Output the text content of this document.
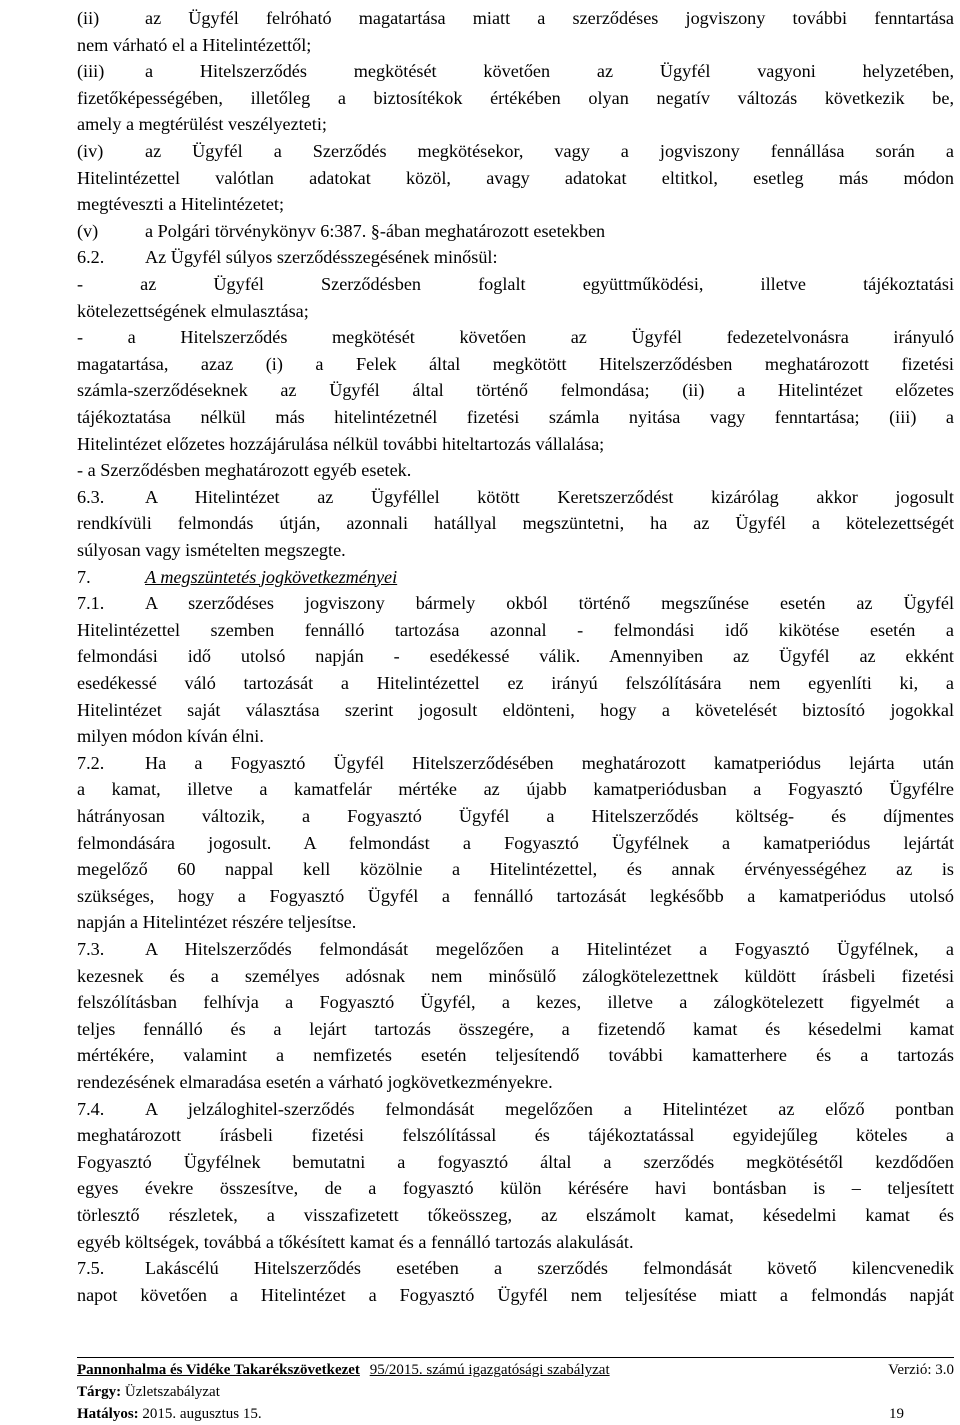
(ii)	az Ügyfél felróható magatartása miatt a szerződéses jogviszony további fenntartása
nem várható el a Hitelintézettől;
(iii) a Hitelszerződés megkötését követően az Ügyfél vagyoni helyzetében,
fizetőképességében, illetőleg a biztosítékok értékében olyan negatív változás következik be,
amely a megtérülést veszélyezteti;
(iv) az Ügyfél a Szerződés megkötésekor, vagy a jogviszony fennállása során a
Hitelintézettel valótlan adatokat közöl, avagy adatokat eltitkol, esetleg más módon
megtéveszti a Hitelintézetet;
(v)	a Polgári törvénykönyv 6:387. §-ában meghatározott esetekben
6.2. Az Ügyfél súlyos szerződésszegésének minősül:
- az Ügyfél Szerződésben foglalt együttműködési, illetve tájékoztatási
kötelezettségének elmulasztása;
- a Hitelszerződés megkötését követően az Ügyfél fedezetelvonásra irányuló
magatartása, azaz (i) a Felek által megkötött Hitelszerződésben meghatározott fizetési
számla-szerződéseknek az Ügyfél által történő felmondása; (ii) a Hitelintézet előzetes
tájékoztatása nélkül más hitelintézetnél fizetési számla nyitása vagy fenntartása; (iii) a
Hitelintézet előzetes hozzájárulása nélkül további hiteltartozás vállalása;
- a Szerződésben meghatározott egyéb esetek.
6.3. A Hitelintézet az Ügyféllel kötött Keretszerződést kizárólag akkor jogosult
rendkívüli felmondás útján, azonnali hatállyal megszüntetni, ha az Ügyfél a kötelezettségét
súlyosan vagy ismételten megszegte.
7.	A megszüntetés jogkövetkezményei
7.1. A szerződéses jogviszony bármely okból történő megszűnése esetén az Ügyfél
Hitelintézettel szemben fennálló tartozása azonnal - felmondási idő kikötése esetén a
felmondási idő utolsó napján - esedékessé válik. Amennyiben az Ügyfél az ekként
esedékessé váló tartozását a Hitelintézettel ez irányú felszólítására nem egyenlíti ki, a
Hitelintézet saját választása szerint jogosult eldönteni, hogy a követelését biztosító jogokkal
milyen módon kíván élni.
7.2. Ha a Fogyasztó Ügyfél Hitelszerződésében meghatározott kamatperiódus lejárta után
a kamat, illetve a kamatfelár mértéke az újabb kamatperiódusban a Fogyasztó Ügyfélre
hátrányosan változik, a Fogyasztó Ügyfél a Hitelszerződés költség- és díjmentes
felmondására jogosult. A felmondást a Fogyasztó Ügyfélnek a kamatperiódus lejártát
megelőző 60 nappal kell közölnie a Hitelintézettel, és annak érvényességéhez az is
szükséges, hogy a Fogyasztó Ügyfél a fennálló tartozását legkésőbb a kamatperiódus utolsó
napján a Hitelintézet részére teljesítse.
7.3. A Hitelszerződés felmondását megelőzően a Hitelintézet a Fogyasztó Ügyfélnek, a
kezesnek és a személyes adósnak nem minősülő zálogkötelezettnek küldött írásbeli fizetési
felszólításban felhívja a Fogyasztó Ügyfél, a kezes, illetve a zálogkötelezett figyelmét a
teljes fennálló és a lejárt tartozás összegére, a fizetendő kamat és késedelmi kamat
mértékére, valamint a nemfizetés esetén teljesítendő további kamatterhere és a tartozás
rendezésének elmaradása esetén a várható jogkövetkezményekre.
7.4. A jelzáloghitel-szerződés felmondását megelőzően a Hitelintézet az előző pontban
meghatározott írásbeli fizetési felszólítással és tájékoztatással egyidejűleg köteles a
Fogyasztó Ügyfélnek bemutatni a fogyasztó által a szerződés megkötésétől kezdődően
egyes évekre összesítve, de a fogyasztó külön kérésére havi bontásban is – teljesített
törlesztő részletek, a visszafizetett tőkeösszeg, az elszámolt kamat, késedelmi kamat és
egyéb költségek, továbbá a tőkésített kamat és a fennálló tartozás alakulását.
7.5. Lakáscélú Hitelszerződés esetében a szerződés felmondását követő kilencvenedik
napot követően a Hitelintézet a Fogyasztó Ügyfél nem teljesítése miatt a felmondás napját
Pannonhalma és Vidéke Takarékszövetkezet 95/2015. számú igazgatósági szabályzat	Verzió: 3.0
Tárgy: Üzletszabályzat
Hatályos: 2015. augusztus 15.	19
